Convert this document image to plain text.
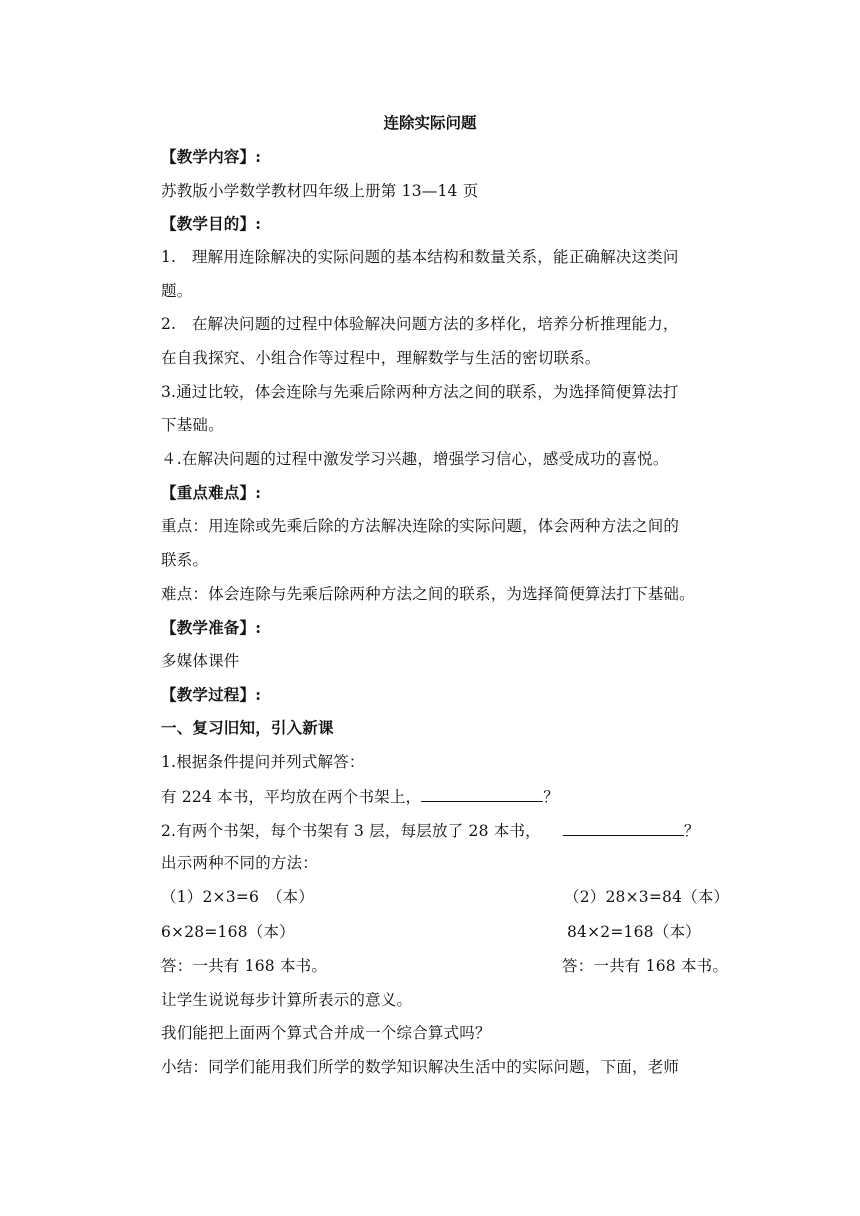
连除实际问题
【教学内容】:
苏教版小学数学教材四年级上册第 13—14 页
【教学目的】:
1.　理解用连除解决的实际问题的基本结构和数量关系，能正确解决这类问
题。
2.　在解决问题的过程中体验解决问题方法的多样化，培养分析推理能力，
在自我探究、小组合作等过程中，理解数学与生活的密切联系。
3.通过比较，体会连除与先乘后除两种方法之间的联系，为选择简便算法打
下基础。
４.在解决问题的过程中激发学习兴趣，增强学习信心，感受成功的喜悦。
【重点难点】:
重点：用连除或先乘后除的方法解决连除的实际问题，体会两种方法之间的
联系。
难点：体会连除与先乘后除两种方法之间的联系，为选择简便算法打下基础。
【教学准备】:
多媒体课件
【教学过程】:
一、复习旧知，引入新课
1.根据条件提问并列式解答：
有 224 本书，平均放在两个书架上，	？
2.有两个书架，每个书架有 3 层，每层放了 28 本书，	？
出示两种不同的方法：
（1）2×3=6　（本）	（2）28×3=84（本）
6×28=168（本）	84×2=168（本）
答：一共有 168 本书。	答：一共有 168 本书。
让学生说说每步计算所表示的意义。
我们能把上面两个算式合并成一个综合算式吗？
小结：同学们能用我们所学的数学知识解决生活中的实际问题，下面，老师
